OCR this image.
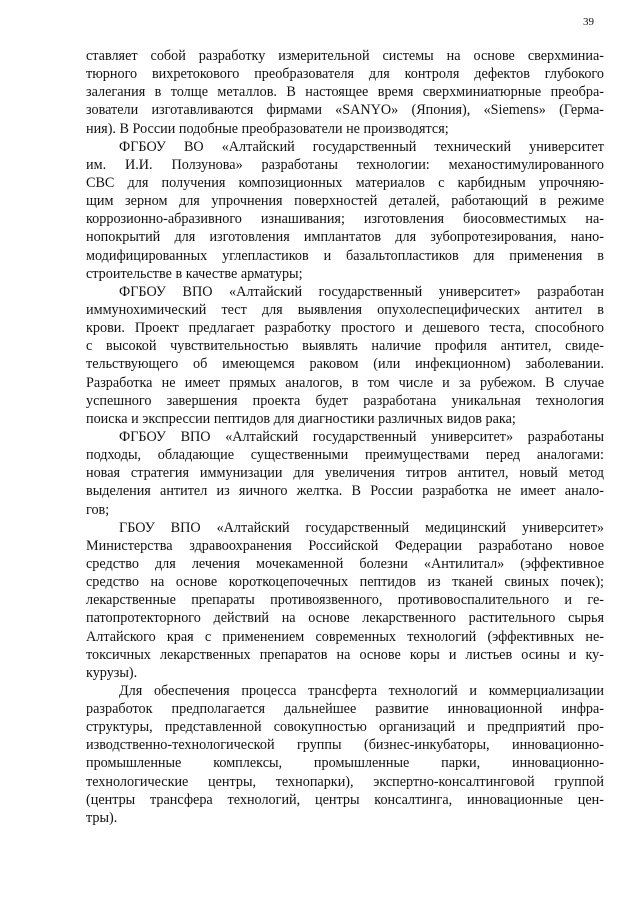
39
ставляет собой разработку измерительной системы на основе сверхминиа-
тюрного вихретокового преобразователя для контроля дефектов глубокого
залегания в толще металлов. В настоящее время сверхминиатюрные преобра-
зователи изготавливаются фирмами «SANYO» (Япония), «Siemens» (Герма-
ния). В России подобные преобразователи не производятся;
ФГБОУ ВО «Алтайский государственный технический университет
им. И.И. Ползунова» разработаны технологии: механостимулированного
СВС для получения композиционных материалов с карбидным упрочняю-
щим зерном для упрочнения поверхностей деталей, работающий в режиме
коррозионно-абразивного изнашивания; изготовления биосовместимых на-
нопокрытий для изготовления имплантатов для зубопротезирования, нано-
модифицированных углепластиков и базальтопластиков для применения в
строительстве в качестве арматуры;
ФГБОУ ВПО «Алтайский государственный университет» разработан
иммунохимический тест для выявления опухолеспецифических антител в
крови. Проект предлагает разработку простого и дешевого теста, способного
с высокой чувствительностью выявлять наличие профиля антител, свиде-
тельствующего об имеющемся раковом (или инфекционном) заболевании.
Разработка не имеет прямых аналогов, в том числе и за рубежом. В случае
успешного завершения проекта будет разработана уникальная технология
поиска и экспрессии пептидов для диагностики различных видов рака;
ФГБОУ ВПО «Алтайский государственный университет» разработаны
подходы, обладающие существенными преимуществами перед аналогами:
новая стратегия иммунизации для увеличения титров антител, новый метод
выделения антител из яичного желтка. В России разработка не имеет анало-
гов;
ГБОУ ВПО «Алтайский государственный медицинский университет»
Министерства здравоохранения Российской Федерации разработано новое
средство для лечения мочекаменной болезни «Антилитал» (эффективное
средство на основе короткоцепочечных пептидов из тканей свиных почек);
лекарственные препараты противоязвенного, противовоспалительного и ге-
патопротекторного действий на основе лекарственного растительного сырья
Алтайского края с применением современных технологий (эффективных не-
токсичных лекарственных препаратов на основе коры и листьев осины и ку-
курузы).
Для обеспечения процесса трансферта технологий и коммерциализации
разработок предполагается дальнейшее развитие инновационной инфра-
структуры, представленной совокупностью организаций и предприятий про-
изводственно-технологической группы (бизнес-инкубаторы, инновационно-
промышленные комплексы, промышленные парки, инновационно-
технологические центры, технопарки), экспертно-консалтинговой группой
(центры трансфера технологий, центры консалтинга, инновационные цен-
тры).
